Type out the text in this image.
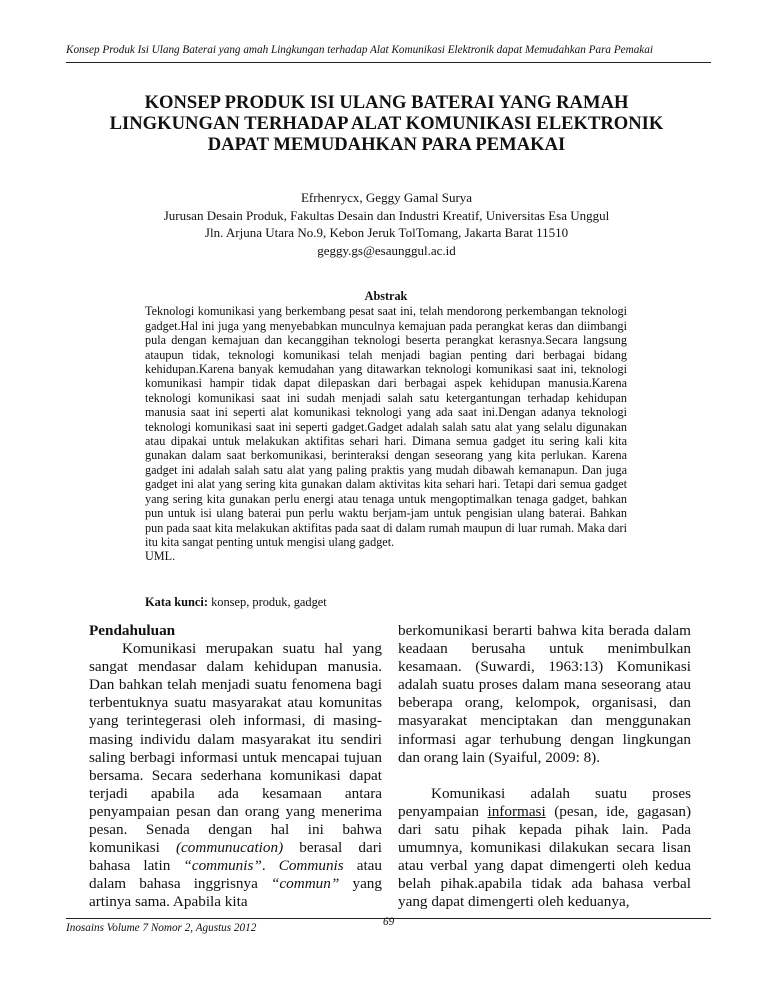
Konsep Produk Isi Ulang Baterai yang amah Lingkungan terhadap Alat Komunikasi Elektronik dapat Memudahkan Para Pemakai
KONSEP PRODUK ISI ULANG BATERAI YANG RAMAH
LINGKUNGAN TERHADAP ALAT KOMUNIKASI ELEKTRONIK
DAPAT MEMUDAHKAN PARA PEMAKAI
Efrhenrycx, Geggy Gamal Surya
Jurusan Desain Produk, Fakultas Desain dan Industri Kreatif, Universitas Esa Unggul
Jln. Arjuna Utara No.9, Kebon Jeruk TolTomang, Jakarta Barat 11510
geggy.gs@esaunggul.ac.id
Abstrak
Teknologi komunikasi yang berkembang pesat saat ini, telah mendorong perkembangan teknologi gadget.Hal ini juga yang menyebabkan munculnya kemajuan pada perangkat keras dan diimbangi pula dengan kemajuan dan kecanggihan teknologi beserta perangkat kerasnya.Secara langsung ataupun tidak, teknologi komunikasi telah menjadi bagian penting dari berbagai bidang kehidupan.Karena banyak kemudahan yang ditawarkan teknologi komunikasi saat ini, teknologi komunikasi hampir tidak dapat dilepaskan dari berbagai aspek kehidupan manusia.Karena teknologi komunikasi saat ini sudah menjadi salah satu ketergantungan terhadap kehidupan manusia saat ini seperti alat komunikasi teknologi yang ada saat ini.Dengan adanya teknologi teknologi komunikasi saat ini seperti gadget.Gadget adalah salah satu alat yang selalu digunakan atau dipakai untuk melakukan aktifitas sehari hari. Dimana semua gadget itu sering kali kita gunakan dalam saat berkomunikasi, berinteraksi dengan seseorang yang kita perlukan. Karena gadget ini adalah salah satu alat yang paling praktis yang mudah dibawah kemanapun. Dan juga gadget ini alat yang sering kita gunakan dalam aktivitas kita sehari hari. Tetapi dari semua gadget yang sering kita gunakan perlu energi atau tenaga untuk mengoptimalkan tenaga gadget, bahkan pun untuk isi ulang baterai pun perlu waktu berjam-jam untuk pengisian ulang baterai. Bahkan pun pada saat kita melakukan aktifitas pada saat di dalam rumah maupun di luar rumah. Maka dari itu kita sangat penting untuk mengisi ulang gadget.
UML.
Kata kunci: konsep, produk, gadget
Pendahuluan

Komunikasi merupakan suatu hal yang sangat mendasar dalam kehidupan manusia. Dan bahkan telah menjadi suatu fenomena bagi terbentuknya suatu masyarakat atau komunitas yang terintegerasi oleh informasi, di masing-masing individu dalam masyarakat itu sendiri saling berbagi informasi untuk mencapai tujuan bersama. Secara sederhana komunikasi dapat terjadi apabila ada kesamaan antara penyampaian pesan dan orang yang menerima pesan. Senada dengan hal ini bahwa komunikasi (communucation) berasal dari bahasa latin “communis”. Communis atau dalam bahasa inggrisnya “commun” yang artinya sama. Apabila kita

berkomunikasi berarti bahwa kita berada dalam keadaan berusaha untuk menimbulkan kesamaan. (Suwardi, 1963:13) Komunikasi adalah suatu proses dalam mana seseorang atau beberapa orang, kelompok, organisasi, dan masyarakat menciptakan dan menggunakan informasi agar terhubung dengan lingkungan dan orang lain (Syaiful, 2009: 8).

Komunikasi adalah suatu proses penyampaian informasi (pesan, ide, gagasan) dari satu pihak kepada pihak lain. Pada umumnya, komunikasi dilakukan secara lisan atau verbal yang dapat dimengerti oleh kedua belah pihak.apabila tidak ada bahasa verbal yang dapat dimengerti oleh keduanya,

Inosains Volume 7 Nomor 2, Agustus 2012	69
